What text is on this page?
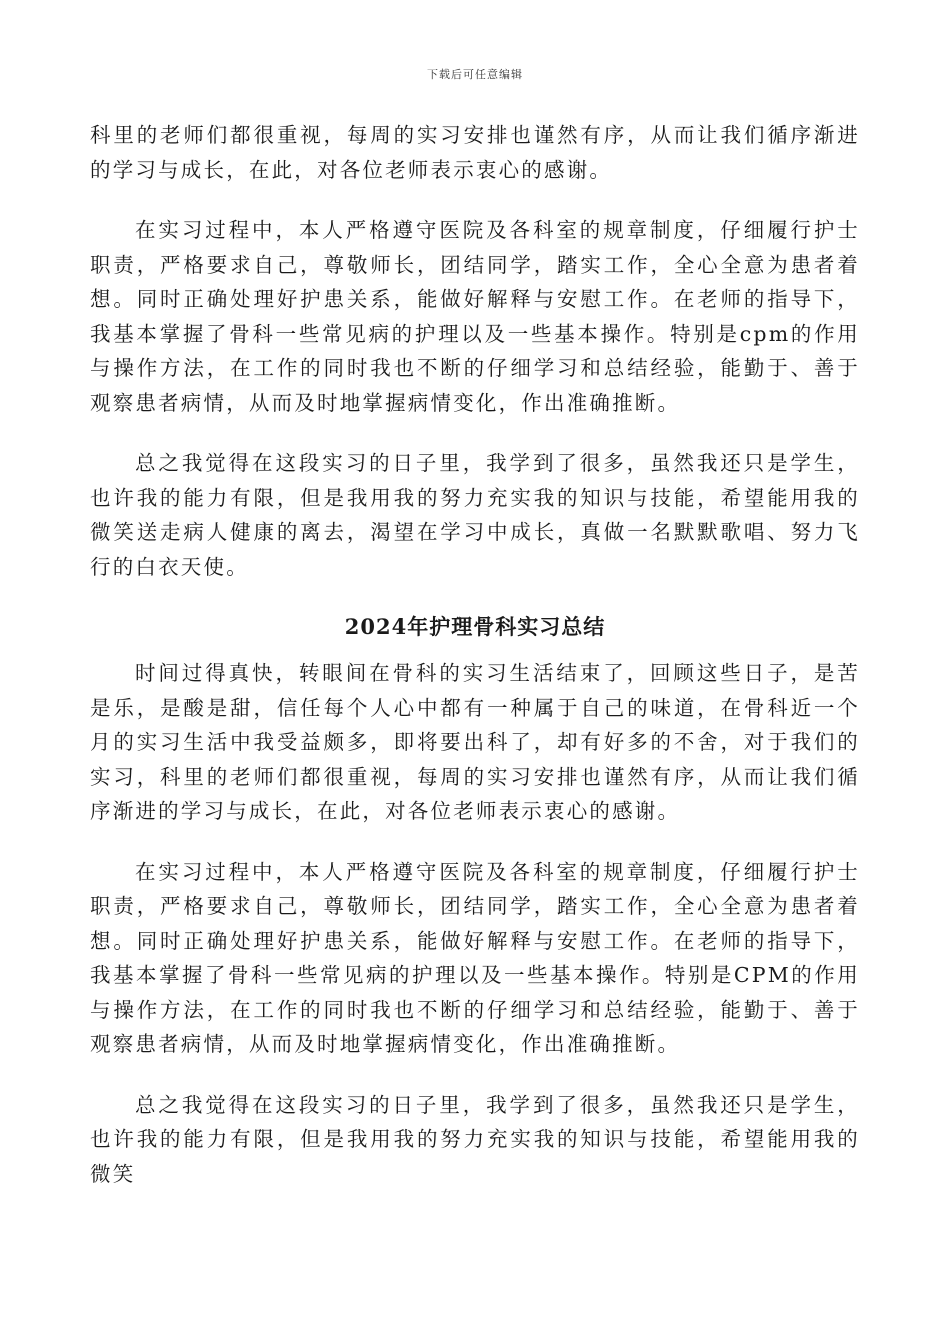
下载后可任意编辑

科里的老师们都很重视，每周的实习安排也谨然有序，从而让我们循序渐进的学习与成长，在此，对各位老师表示衷心的感谢。

在实习过程中，本人严格遵守医院及各科室的规章制度，仔细履行护士职责，严格要求自己，尊敬师长，团结同学，踏实工作，全心全意为患者着想。同时正确处理好护患关系，能做好解释与安慰工作。在老师的指导下，我基本掌握了骨科一些常见病的护理以及一些基本操作。特别是cpm的作用与操作方法，在工作的同时我也不断的仔细学习和总结经验，能勤于、善于观察患者病情，从而及时地掌握病情变化，作出准确推断。

总之我觉得在这段实习的日子里，我学到了很多，虽然我还只是学生，也许我的能力有限，但是我用我的努力充实我的知识与技能，希望能用我的微笑送走病人健康的离去，渴望在学习中成长，真做一名默默歌唱、努力飞行的白衣天使。

2024年护理骨科实习总结

时间过得真快，转眼间在骨科的实习生活结束了，回顾这些日子，是苦是乐，是酸是甜，信任每个人心中都有一种属于自己的味道，在骨科近一个月的实习生活中我受益颇多，即将要出科了，却有好多的不舍，对于我们的实习，科里的老师们都很重视，每周的实习安排也谨然有序，从而让我们循序渐进的学习与成长，在此，对各位老师表示衷心的感谢。

在实习过程中，本人严格遵守医院及各科室的规章制度，仔细履行护士职责，严格要求自己，尊敬师长，团结同学，踏实工作，全心全意为患者着想。同时正确处理好护患关系，能做好解释与安慰工作。在老师的指导下，我基本掌握了骨科一些常见病的护理以及一些基本操作。特别是CPM的作用与操作方法，在工作的同时我也不断的仔细学习和总结经验，能勤于、善于观察患者病情，从而及时地掌握病情变化，作出准确推断。

总之我觉得在这段实习的日子里，我学到了很多，虽然我还只是学生，也许我的能力有限，但是我用我的努力充实我的知识与技能，希望能用我的微笑
